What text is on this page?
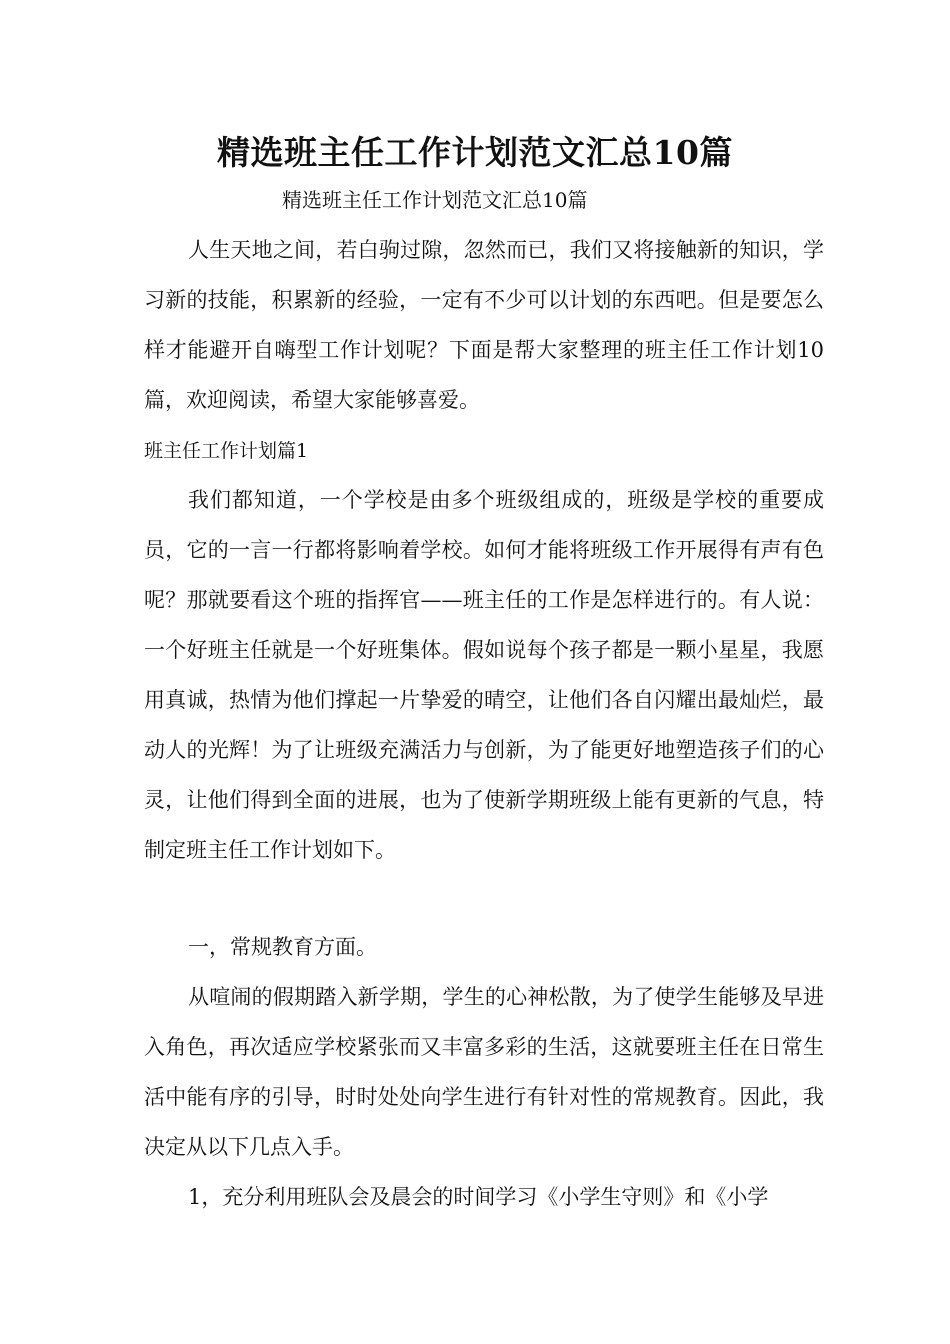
精选班主任工作计划范文汇总10篇
精选班主任工作计划范文汇总10篇
人生天地之间，若白驹过隙，忽然而已，我们又将接触新的知识，学习新的技能，积累新的经验，一定有不少可以计划的东西吧。但是要怎么样才能避开自嗨型工作计划呢？下面是帮大家整理的班主任工作计划10篇，欢迎阅读，希望大家能够喜爱。
班主任工作计划篇1
我们都知道，一个学校是由多个班级组成的，班级是学校的重要成员，它的一言一行都将影响着学校。如何才能将班级工作开展得有声有色呢？那就要看这个班的指挥官——班主任的工作是怎样进行的。有人说：一个好班主任就是一个好班集体。假如说每个孩子都是一颗小星星，我愿用真诚，热情为他们撑起一片挚爱的晴空，让他们各自闪耀出最灿烂，最动人的光辉！为了让班级充满活力与创新，为了能更好地塑造孩子们的心灵，让他们得到全面的进展，也为了使新学期班级上能有更新的气息，特制定班主任工作计划如下。
一，常规教育方面。
从喧闹的假期踏入新学期，学生的心神松散，为了使学生能够及早进入角色，再次适应学校紧张而又丰富多彩的生活，这就要班主任在日常生活中能有序的引导，时时处处向学生进行有针对性的常规教育。因此，我决定从以下几点入手。
1，充分利用班队会及晨会的时间学习《小学生守则》和《小学
